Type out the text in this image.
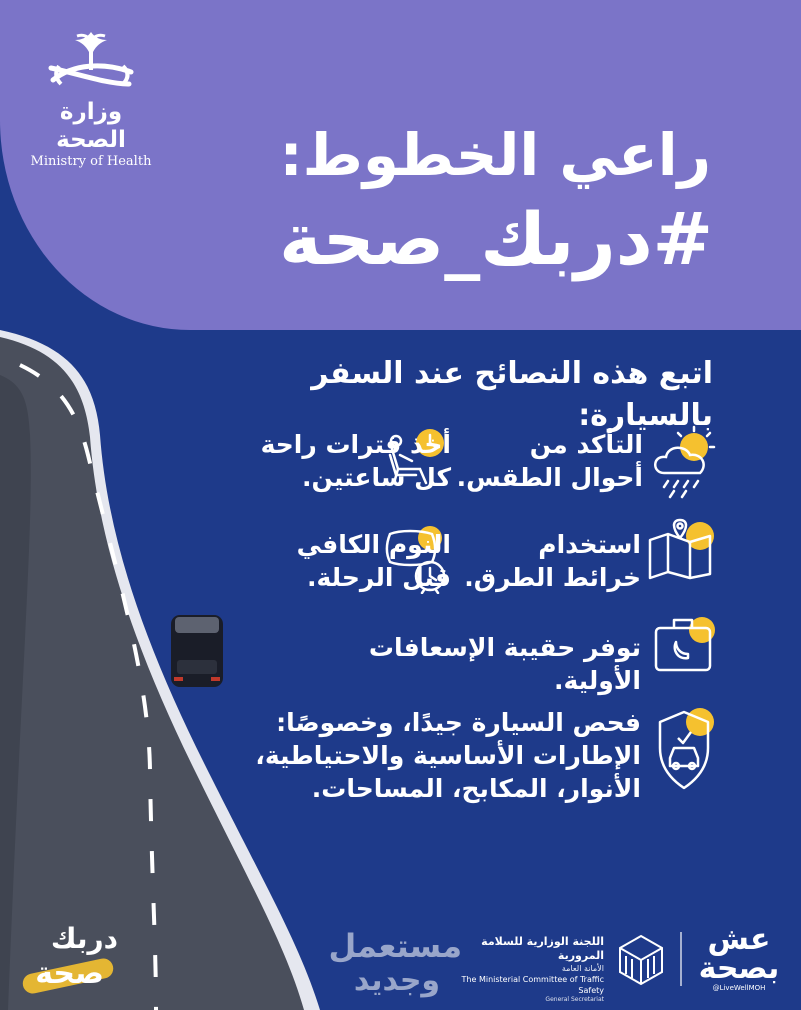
وزارة الصحة
Ministry of Health	راعي الخطوط:
#دربك_صحة
اتبع هذه النصائح عند السفر بالسيارة:
التأكد من
أحوال الطقس.
أخذ فترات راحة
كل ساعتين.
استخدام
خرائط الطرق.
النوم الكافي
قبل الرحلة.
توفر حقيبة الإسعافات الأولية.
فحص السيارة جيدًا، وخصوصًا:
الإطارات الأساسية والاحتياطية،
الأنوار، المكابح، المساحات.
دربك
صحة
مستعمل
وجديد
اللجنة الوزارية للسلامة المرورية
الأمانة العامة
The Ministerial Committee of Traffic Safety
General Secretariat
عش
بصحة
@LiveWellMOH
